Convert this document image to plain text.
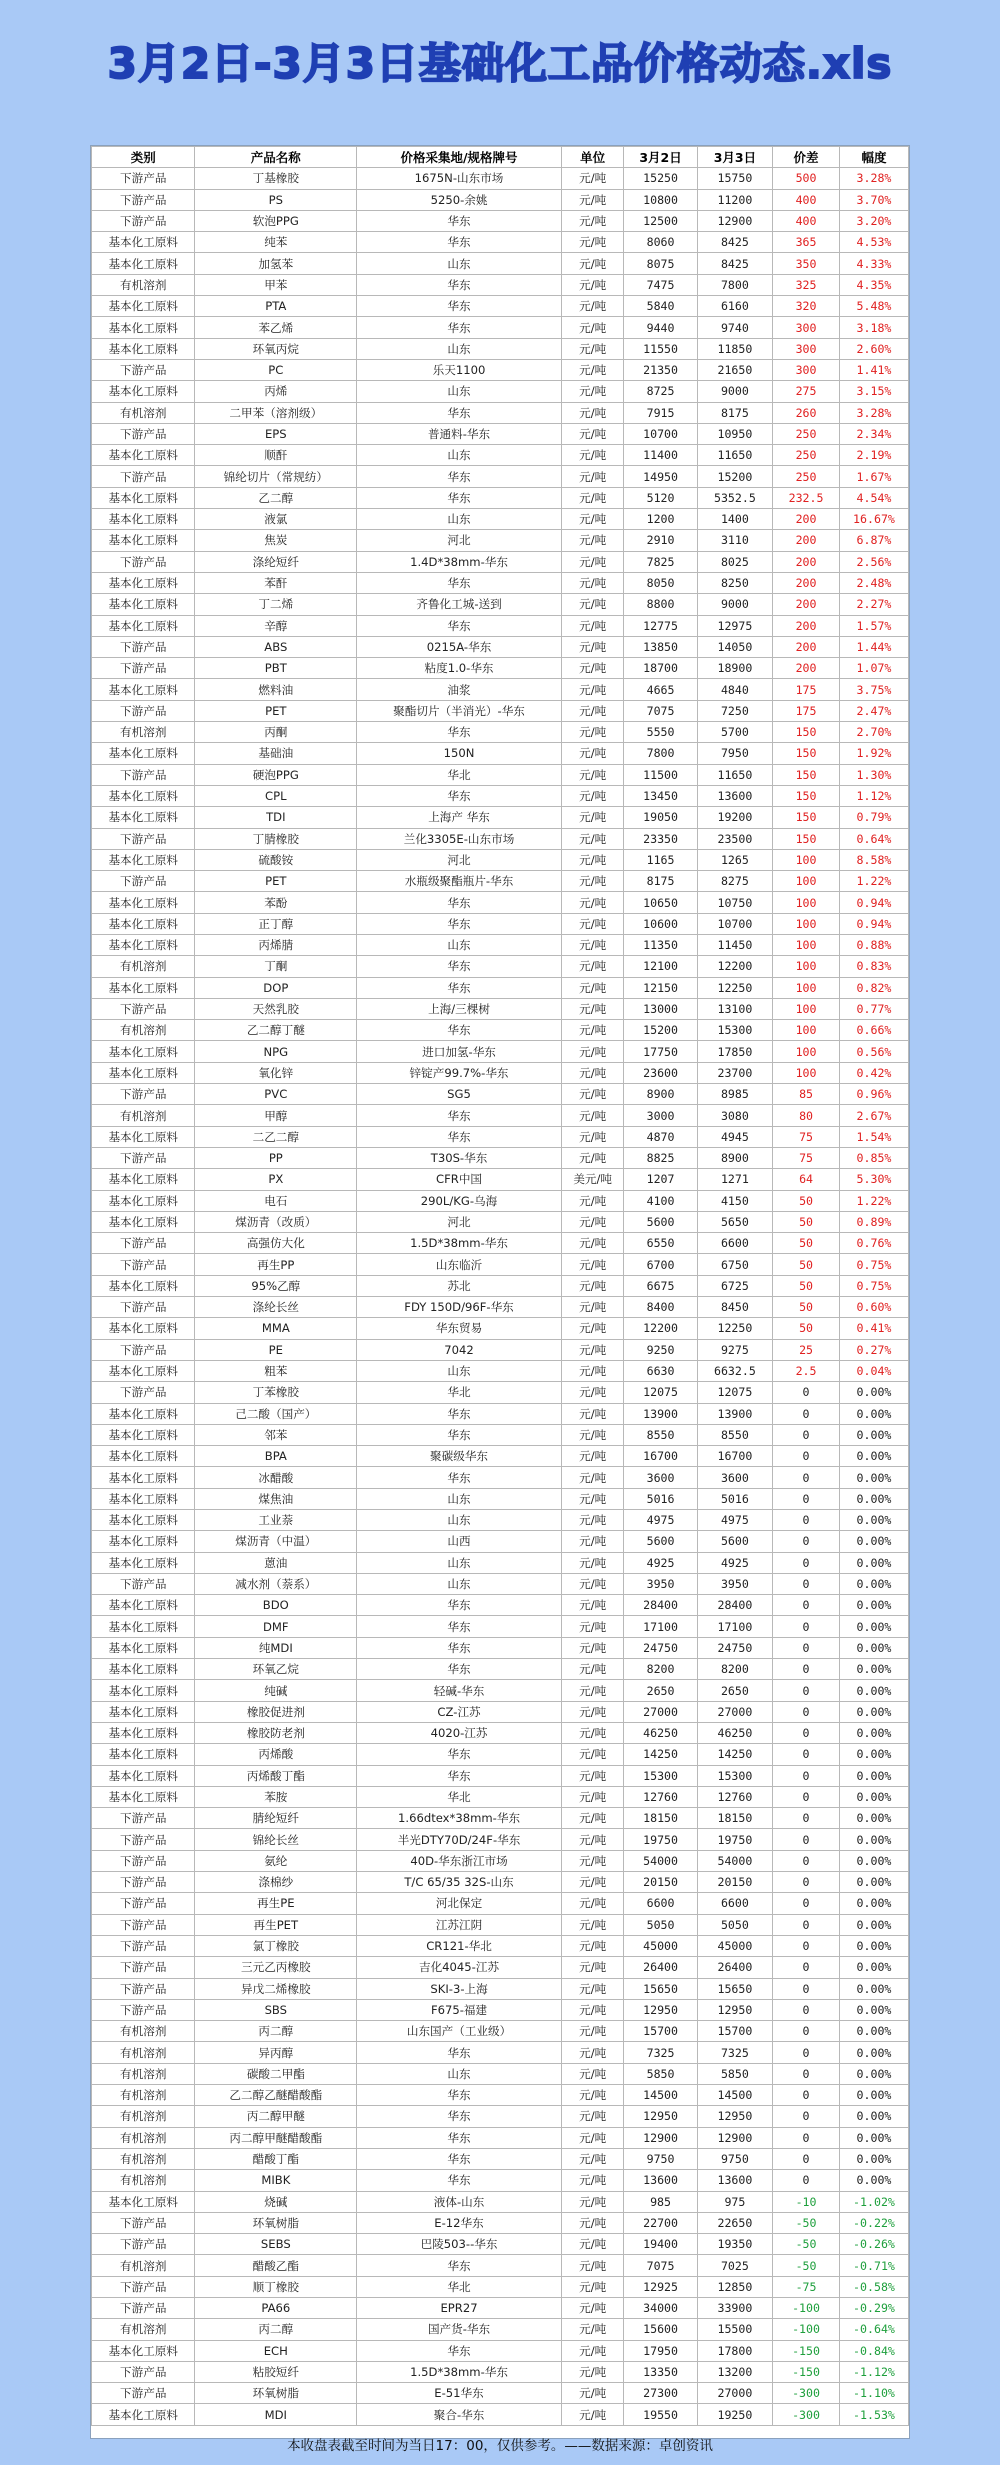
3月2日-3月3日基础化工品价格动态.xls
类别	产品名称	价格采集地/规格牌号	单位	3月2日	3月3日	价差	幅度
下游产品	丁基橡胶	1675N-山东市场	元/吨	15250	15750	500	3.28%
下游产品	PS	5250-余姚	元/吨	10800	11200	400	3.70%
下游产品	软泡PPG	华东	元/吨	12500	12900	400	3.20%
基本化工原料	纯苯	华东	元/吨	8060	8425	365	4.53%
基本化工原料	加氢苯	山东	元/吨	8075	8425	350	4.33%
有机溶剂	甲苯	华东	元/吨	7475	7800	325	4.35%
基本化工原料	PTA	华东	元/吨	5840	6160	320	5.48%
基本化工原料	苯乙烯	华东	元/吨	9440	9740	300	3.18%
基本化工原料	环氧丙烷	山东	元/吨	11550	11850	300	2.60%
下游产品	PC	乐天1100	元/吨	21350	21650	300	1.41%
基本化工原料	丙烯	山东	元/吨	8725	9000	275	3.15%
有机溶剂	二甲苯（溶剂级）	华东	元/吨	7915	8175	260	3.28%
下游产品	EPS	普通料-华东	元/吨	10700	10950	250	2.34%
基本化工原料	顺酐	山东	元/吨	11400	11650	250	2.19%
下游产品	锦纶切片（常规纺）	华东	元/吨	14950	15200	250	1.67%
基本化工原料	乙二醇	华东	元/吨	5120	5352.5	232.5	4.54%
基本化工原料	液氯	山东	元/吨	1200	1400	200	16.67%
基本化工原料	焦炭	河北	元/吨	2910	3110	200	6.87%
下游产品	涤纶短纤	1.4D*38mm-华东	元/吨	7825	8025	200	2.56%
基本化工原料	苯酐	华东	元/吨	8050	8250	200	2.48%
基本化工原料	丁二烯	齐鲁化工城-送到	元/吨	8800	9000	200	2.27%
基本化工原料	辛醇	华东	元/吨	12775	12975	200	1.57%
下游产品	ABS	0215A-华东	元/吨	13850	14050	200	1.44%
下游产品	PBT	粘度1.0-华东	元/吨	18700	18900	200	1.07%
基本化工原料	燃料油	油浆	元/吨	4665	4840	175	3.75%
下游产品	PET	聚酯切片（半消光）-华东	元/吨	7075	7250	175	2.47%
有机溶剂	丙酮	华东	元/吨	5550	5700	150	2.70%
基本化工原料	基础油	150N	元/吨	7800	7950	150	1.92%
下游产品	硬泡PPG	华北	元/吨	11500	11650	150	1.30%
基本化工原料	CPL	华东	元/吨	13450	13600	150	1.12%
基本化工原料	TDI	上海产 华东	元/吨	19050	19200	150	0.79%
下游产品	丁腈橡胶	兰化3305E-山东市场	元/吨	23350	23500	150	0.64%
基本化工原料	硫酸铵	河北	元/吨	1165	1265	100	8.58%
下游产品	PET	水瓶级聚酯瓶片-华东	元/吨	8175	8275	100	1.22%
基本化工原料	苯酚	华东	元/吨	10650	10750	100	0.94%
基本化工原料	正丁醇	华东	元/吨	10600	10700	100	0.94%
基本化工原料	丙烯腈	山东	元/吨	11350	11450	100	0.88%
有机溶剂	丁酮	华东	元/吨	12100	12200	100	0.83%
基本化工原料	DOP	华东	元/吨	12150	12250	100	0.82%
下游产品	天然乳胶	上海/三棵树	元/吨	13000	13100	100	0.77%
有机溶剂	乙二醇丁醚	华东	元/吨	15200	15300	100	0.66%
基本化工原料	NPG	进口加氢-华东	元/吨	17750	17850	100	0.56%
基本化工原料	氧化锌	锌锭产99.7%-华东	元/吨	23600	23700	100	0.42%
下游产品	PVC	SG5	元/吨	8900	8985	85	0.96%
有机溶剂	甲醇	华东	元/吨	3000	3080	80	2.67%
基本化工原料	二乙二醇	华东	元/吨	4870	4945	75	1.54%
下游产品	PP	T30S-华东	元/吨	8825	8900	75	0.85%
基本化工原料	PX	CFR中国	美元/吨	1207	1271	64	5.30%
基本化工原料	电石	290L/KG-乌海	元/吨	4100	4150	50	1.22%
基本化工原料	煤沥青（改质）	河北	元/吨	5600	5650	50	0.89%
下游产品	高强仿大化	1.5D*38mm-华东	元/吨	6550	6600	50	0.76%
下游产品	再生PP	山东临沂	元/吨	6700	6750	50	0.75%
基本化工原料	95%乙醇	苏北	元/吨	6675	6725	50	0.75%
下游产品	涤纶长丝	FDY 150D/96F-华东	元/吨	8400	8450	50	0.60%
基本化工原料	MMA	华东贸易	元/吨	12200	12250	50	0.41%
下游产品	PE	7042	元/吨	9250	9275	25	0.27%
基本化工原料	粗苯	山东	元/吨	6630	6632.5	2.5	0.04%
下游产品	丁苯橡胶	华北	元/吨	12075	12075	0	0.00%
基本化工原料	己二酸（国产）	华东	元/吨	13900	13900	0	0.00%
基本化工原料	邻苯	华东	元/吨	8550	8550	0	0.00%
基本化工原料	BPA	聚碳级华东	元/吨	16700	16700	0	0.00%
基本化工原料	冰醋酸	华东	元/吨	3600	3600	0	0.00%
基本化工原料	煤焦油	山东	元/吨	5016	5016	0	0.00%
基本化工原料	工业萘	山东	元/吨	4975	4975	0	0.00%
基本化工原料	煤沥青（中温）	山西	元/吨	5600	5600	0	0.00%
基本化工原料	蒽油	山东	元/吨	4925	4925	0	0.00%
下游产品	减水剂（萘系）	山东	元/吨	3950	3950	0	0.00%
基本化工原料	BDO	华东	元/吨	28400	28400	0	0.00%
基本化工原料	DMF	华东	元/吨	17100	17100	0	0.00%
基本化工原料	纯MDI	华东	元/吨	24750	24750	0	0.00%
基本化工原料	环氧乙烷	华东	元/吨	8200	8200	0	0.00%
基本化工原料	纯碱	轻碱-华东	元/吨	2650	2650	0	0.00%
基本化工原料	橡胶促进剂	CZ-江苏	元/吨	27000	27000	0	0.00%
基本化工原料	橡胶防老剂	4020-江苏	元/吨	46250	46250	0	0.00%
基本化工原料	丙烯酸	华东	元/吨	14250	14250	0	0.00%
基本化工原料	丙烯酸丁酯	华东	元/吨	15300	15300	0	0.00%
基本化工原料	苯胺	华北	元/吨	12760	12760	0	0.00%
下游产品	腈纶短纤	1.66dtex*38mm-华东	元/吨	18150	18150	0	0.00%
下游产品	锦纶长丝	半光DTY70D/24F-华东	元/吨	19750	19750	0	0.00%
下游产品	氨纶	40D-华东浙江市场	元/吨	54000	54000	0	0.00%
下游产品	涤棉纱	T/C 65/35 32S-山东	元/吨	20150	20150	0	0.00%
下游产品	再生PE	河北保定	元/吨	6600	6600	0	0.00%
下游产品	再生PET	江苏江阴	元/吨	5050	5050	0	0.00%
下游产品	氯丁橡胶	CR121-华北	元/吨	45000	45000	0	0.00%
下游产品	三元乙丙橡胶	吉化4045-江苏	元/吨	26400	26400	0	0.00%
下游产品	异戊二烯橡胶	SKI-3-上海	元/吨	15650	15650	0	0.00%
下游产品	SBS	F675-福建	元/吨	12950	12950	0	0.00%
有机溶剂	丙二醇	山东国产（工业级）	元/吨	15700	15700	0	0.00%
有机溶剂	异丙醇	华东	元/吨	7325	7325	0	0.00%
有机溶剂	碳酸二甲酯	山东	元/吨	5850	5850	0	0.00%
有机溶剂	乙二醇乙醚醋酸酯	华东	元/吨	14500	14500	0	0.00%
有机溶剂	丙二醇甲醚	华东	元/吨	12950	12950	0	0.00%
有机溶剂	丙二醇甲醚醋酸酯	华东	元/吨	12900	12900	0	0.00%
有机溶剂	醋酸丁酯	华东	元/吨	9750	9750	0	0.00%
有机溶剂	MIBK	华东	元/吨	13600	13600	0	0.00%
基本化工原料	烧碱	液体-山东	元/吨	985	975	-10	-1.02%
下游产品	环氧树脂	E-12华东	元/吨	22700	22650	-50	-0.22%
下游产品	SEBS	巴陵503--华东	元/吨	19400	19350	-50	-0.26%
有机溶剂	醋酸乙酯	华东	元/吨	7075	7025	-50	-0.71%
下游产品	顺丁橡胶	华北	元/吨	12925	12850	-75	-0.58%
下游产品	PA66	EPR27	元/吨	34000	33900	-100	-0.29%
有机溶剂	丙二醇	国产货-华东	元/吨	15600	15500	-100	-0.64%
基本化工原料	ECH	华东	元/吨	17950	17800	-150	-0.84%
下游产品	粘胶短纤	1.5D*38mm-华东	元/吨	13350	13200	-150	-1.12%
下游产品	环氧树脂	E-51华东	元/吨	27300	27000	-300	-1.10%
基本化工原料	MDI	聚合-华东	元/吨	19550	19250	-300	-1.53%
本收盘表截至时间为当日17：00，仅供参考。——数据来源：卓创资讯
